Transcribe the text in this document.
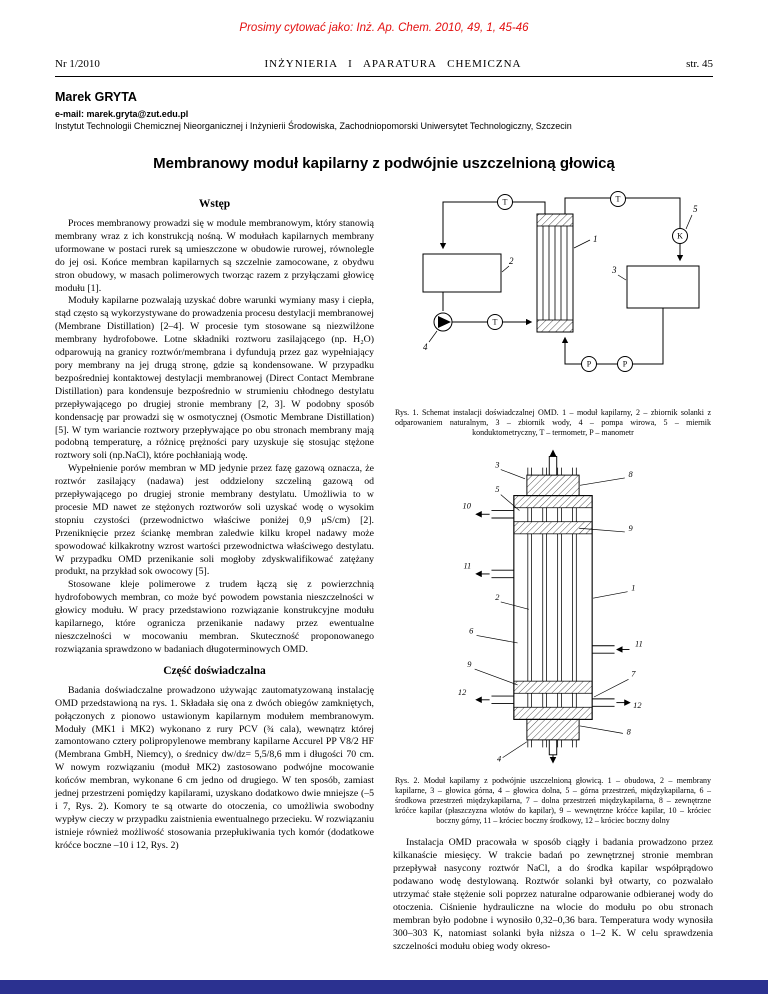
Prosimy cytować jako: Inż. Ap. Chem. 2010, 49, 1, 45-46
Nr 1/2010	INŻYNIERIA I APARATURA CHEMICZNA	str. 45
Marek GRYTA
e-mail: marek.gryta@zut.edu.pl
Instytut Technologii Chemicznej Nieorganicznej i Inżynierii Środowiska, Zachodniopomorski Uniwersytet Technologiczny, Szczecin
Membranowy moduł kapilarny z podwójnie uszczelnioną głowicą
Wstęp

Proces membranowy prowadzi się w module membranowym, który stanowią membrany wraz z ich konstrukcją nośną. W modułach kapilarnych membrany uformowane w postaci rurek są umieszczone w obudowie rurowej, równolegle do jej osi. Końce membran kapilarnych są szczelnie zamocowane, z obydwu stron obudowy, w masach polimerowych tworząc razem z przyłączami głowicę modułu [1].

Moduły kapilarne pozwalają uzyskać dobre warunki wymiany masy i ciepła, stąd często są wykorzystywane do prowadzenia procesu destylacji membranowej (Membrane Distillation) [2–4]. W procesie tym stosowane są niezwilżone membrany hydrofobowe. Lotne składniki roztworu zasilającego (np. H₂O) odparowują na granicy roztwór/membrana i dyfundują przez gaz wypełniający pory membrany na jej drugą stronę, gdzie są kondensowane. W przypadku bezpośredniej kontaktowej destylacji membranowej (Direct Contact Membrane Distillation) para kondensuje bezpośrednio w strumieniu chłodnego destylatu przepływającego po drugiej stronie membrany [2, 3]. W podobny sposób kondensację par prowadzi się w osmotycznej (Osmotic Membrane Distillation) [5]. W tym wariancie roztwory przepływające po obu stronach membrany mają podobną temperaturę, a różnicę prężności pary uzyskuje się stosując stężone roztwory soli (np.NaCl), które pochłaniają wodę.

Wypełnienie porów membran w MD jedynie przez fazę gazową oznacza, że roztwór zasilający (nadawa) jest oddzielony szczeliną gazową od przepływającego po drugiej stronie membrany destylatu. Umożliwia to w procesie MD nawet ze stężonych roztworów soli uzyskać wodę o wysokim stopniu czystości (przewodnictwo właściwe poniżej 0,9 μS/cm) [2]. Przeniknięcie przez ściankę membran zaledwie kilku kropel nadawy może spowodować kilkakrotny wzrost wartości przewodnictwa właściwego destylatu. W przypadku OMD przenikanie soli mogłoby zdyskwalifikować zatężany produkt, na przykład sok owocowy [5].

Stosowane kleje polimerowe z trudem łączą się z powierzchnią hydrofobowych membran, co może być powodem powstania nieszczelności w głowicy modułu. W pracy przedstawiono rozwiązanie konstrukcyjne modułu kapilarnego, które ogranicza przenikanie nadawy przez ewentualne nieszczelności w mocowaniu membran. Skuteczność proponowanego rozwiązania sprawdzono w badaniach długoterminowych OMD.

Część doświadczalna

Badania doświadczalne prowadzono używając zautomatyzowaną instalację OMD przedstawioną na rys. 1. Składała się ona z dwóch obiegów zamkniętych, połączonych z pionowo ustawionym kapilarnym modułem membranowym. Moduły (MK1 i MK2) wykonano z rury PCV (¾ cala), wewnątrz której zamontowano cztery polipropylenowe membrany kapilarne Accurel PP V8/2 HF (Membrana GmbH, Niemcy), o średnicy dw/dz= 5,5/8,6 mm i długości 70 cm. W nowym rozwiązaniu (moduł MK2) zastosowano podwójne mocowanie końców membran, wykonane 6 cm jedno od drugiego. W ten sposób, zamiast jednej przestrzeni pomiędzy kapilarami, uzyskano dodatkowo dwie mniejsze (–5 i 7, Rys. 2). Komory te są otwarte do otoczenia, co umożliwia swobodny wypływ cieczy w przypadku zaistnienia ewentualnego przecieku. W rozwiązaniu istnieje również możliwość stosowania przepłukiwania tych komór (dodatkowe króćce boczne –10 i 12, Rys. 2)

T
T
T
K
P	P
1
2
3
4
5
Rys. 1. Schemat instalacji doświadczalnej OMD. 1 – moduł kapilarny, 2 – zbiornik solanki z odparowaniem naturalnym, 3 – zbiornik wody, 4 – pompa wirowa, 5 – miernik konduktometryczny, T – termometr, P – manometr
3
8
5
10
9
11
1
2
6
11
9
7
12
12
8
4
Rys. 2. Moduł kapilarny z podwójnie uszczelnioną głowicą. 1 – obudowa, 2 – membrany kapilarne, 3 – głowica górna, 4 – głowica dolna, 5 – górna przestrzeń, międzykapilarna, 6 – środkowa przestrzeń międzykapilarna, 7 – dolna przestrzeń międzykapilarna, 8 – zewnętrzne króćce kapilar (płaszczyzna wlotów do kapilar), 9 – wewnętrzne króćce kapilar, 10 – króciec boczny górny, 11 – króciec boczny środkowy, 12 – króciec boczny dolny

Instalacja OMD pracowała w sposób ciągły i badania prowadzono przez kilkanaście miesięcy. W trakcie badań po zewnętrznej stronie membran przepływał nasycony roztwór NaCl, a do środka kapilar współprądowo podawano wodę destylowaną. Roztwór solanki był otwarty, co pozwalało utrzymać stałe stężenie soli poprzez naturalne odparowanie odbieranej wody do otoczenia. Ciśnienie hydrauliczne na wlocie do modułu po obu stronach membran było podobne i wynosiło 0,32–0,36 bara. Temperatura wody wynosiła 300–303 K, natomiast solanki była niższa o 1–2 K. W celu sprawdzenia szczelności modułu obieg wody okreso-
